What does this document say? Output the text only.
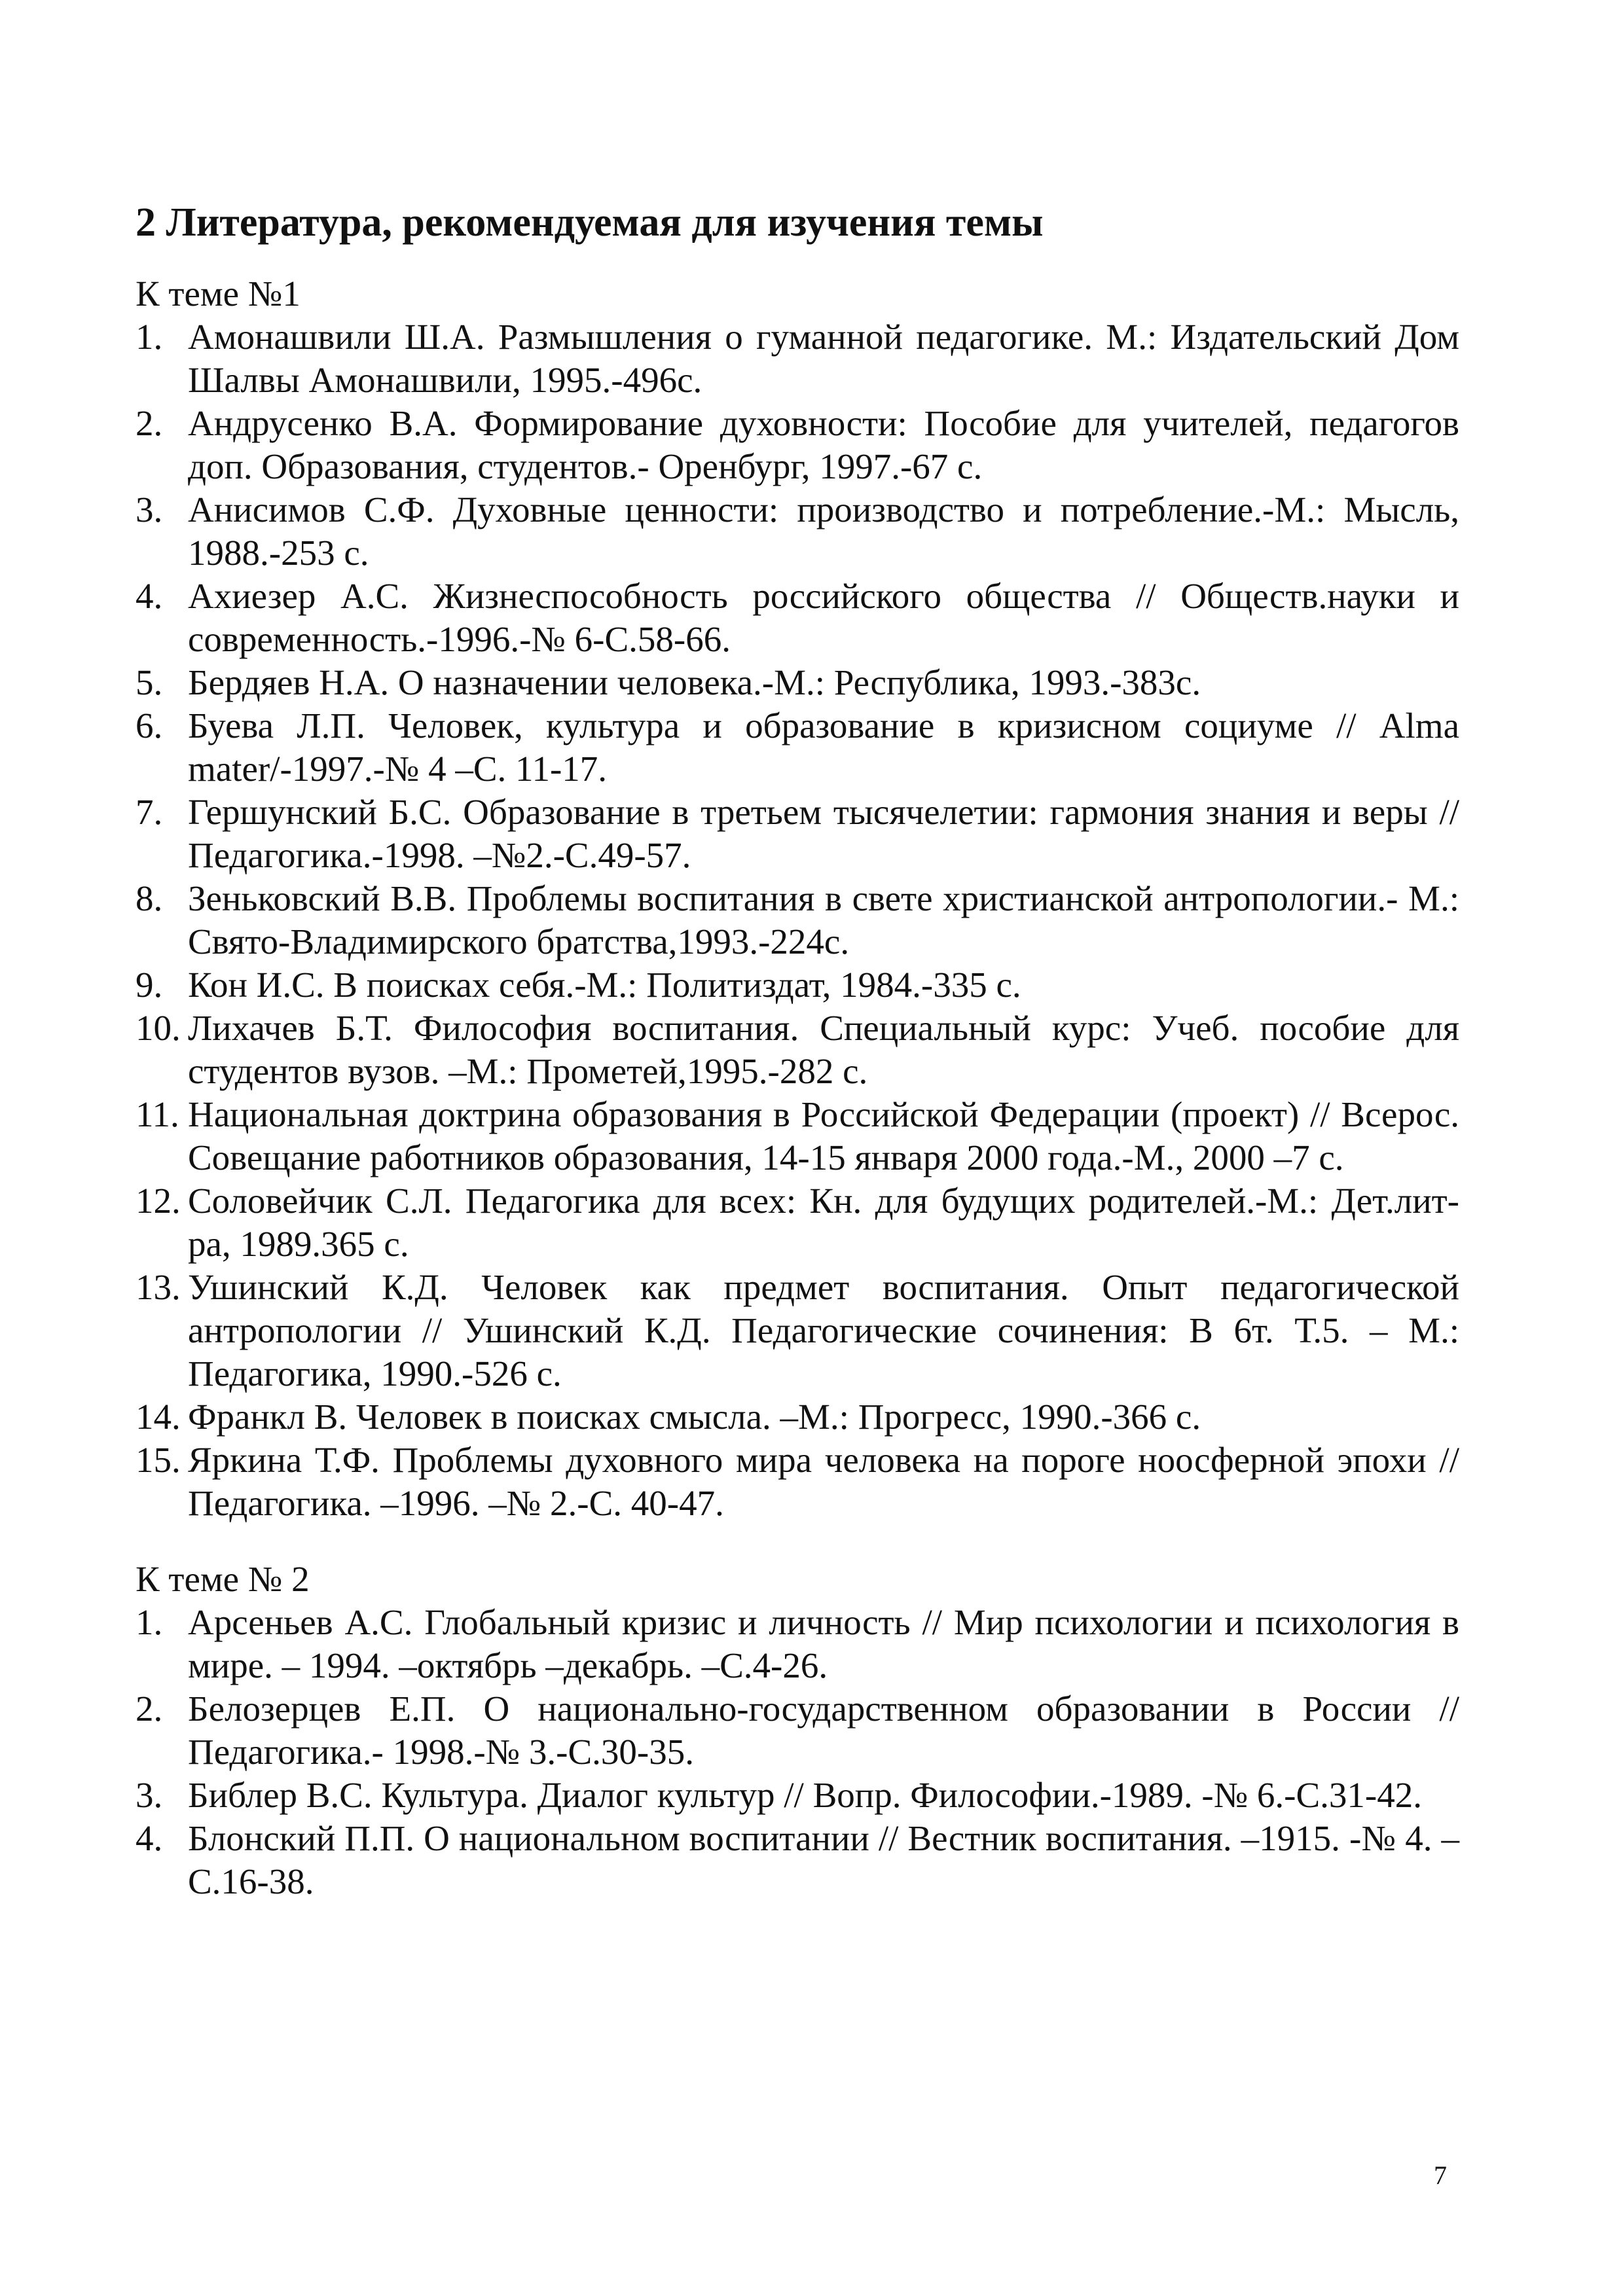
2 Литература, рекомендуемая для изучения темы

К теме №1

1. Амонашвили Ш.А. Размышления о гуманной педагогике. М.: Издательский Дом Шалвы Амонашвили, 1995.-496с.
2. Андрусенко В.А. Формирование духовности: Пособие для учителей, педагогов доп. Образования, студентов.- Оренбург, 1997.-67 с.
3. Анисимов С.Ф. Духовные ценности: производство и потребление.-М.: Мысль, 1988.-253 с.
4. Ахиезер А.С. Жизнеспособность российского общества // Обществ.науки и современность.-1996.-№ 6-С.58-66.
5. Бердяев Н.А. О назначении человека.-М.: Республика, 1993.-383с.
6. Буева Л.П. Человек, культура и образование в кризисном социуме // Alma mater/-1997.-№ 4 –С. 11-17.
7. Гершунский Б.С. Образование в третьем тысячелетии: гармония знания и веры // Педагогика.-1998. –№2.-С.49-57.
8. Зеньковский В.В. Проблемы воспитания в свете христианской антропологии.- М.: Свято-Владимирского братства,1993.-224с.
9. Кон И.С. В поисках себя.-М.: Политиздат, 1984.-335 с.
10. Лихачев Б.Т. Философия воспитания. Специальный курс: Учеб. пособие для студентов вузов. –М.: Прометей,1995.-282 с.
11. Национальная доктрина образования в Российской Федерации (проект) // Всерос. Совещание работников образования, 14-15 января 2000 года.-М., 2000 –7 с.
12. Соловейчик С.Л. Педагогика для всех: Кн. для будущих родителей.-М.: Дет.лит-ра, 1989.365 с.
13. Ушинский К.Д. Человек как предмет воспитания. Опыт педагогической антропологии // Ушинский К.Д. Педагогические сочинения: В 6т. Т.5. – М.: Педагогика, 1990.-526 с.
14. Франкл В. Человек в поисках смысла. –М.: Прогресс, 1990.-366 с.
15. Яркина Т.Ф. Проблемы духовного мира человека на пороге ноосферной эпохи // Педагогика. –1996. –№ 2.-С. 40-47.

К теме № 2

1. Арсеньев А.С. Глобальный кризис и личность // Мир психологии и психология в мире. – 1994. –октябрь –декабрь. –С.4-26.
2. Белозерцев Е.П. О национально-государственном образовании в России // Педагогика.- 1998.-№ 3.-С.30-35.
3. Библер В.С. Культура. Диалог культур // Вопр. Философии.-1989. -№ 6.-С.31-42.
4. Блонский П.П. О национальном воспитании // Вестник воспитания. –1915. -№ 4. – С.16-38.
7
